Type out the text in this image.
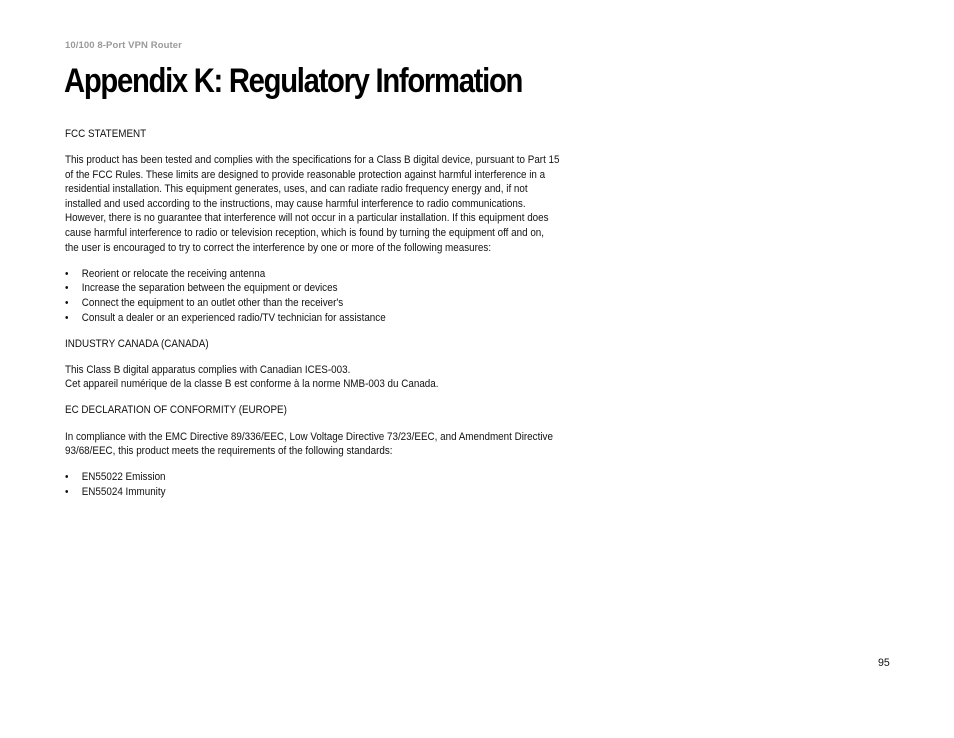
10/100 8-Port VPN Router
Appendix K: Regulatory Information

FCC STATEMENT

This product has been tested and complies with the specifications for a Class B digital device, pursuant to Part 15
of the FCC Rules. These limits are designed to provide reasonable protection against harmful interference in a
residential installation. This equipment generates, uses, and can radiate radio frequency energy and, if not
installed and used according to the instructions, may cause harmful interference to radio communications.
However, there is no guarantee that interference will not occur in a particular installation. If this equipment does
cause harmful interference to radio or television reception, which is found by turning the equipment off and on,
the user is encouraged to try to correct the interference by one or more of the following measures:

• Reorient or relocate the receiving antenna
• Increase the separation between the equipment or devices
• Connect the equipment to an outlet other than the receiver's
• Consult a dealer or an experienced radio/TV technician for assistance

INDUSTRY CANADA (CANADA)

This Class B digital apparatus complies with Canadian ICES-003.
Cet appareil numérique de la classe B est conforme à la norme NMB-003 du Canada.

EC DECLARATION OF CONFORMITY (EUROPE)

In compliance with the EMC Directive 89/336/EEC, Low Voltage Directive 73/23/EEC, and Amendment Directive
93/68/EEC, this product meets the requirements of the following standards:

• EN55022 Emission
• EN55024 Immunity
95
